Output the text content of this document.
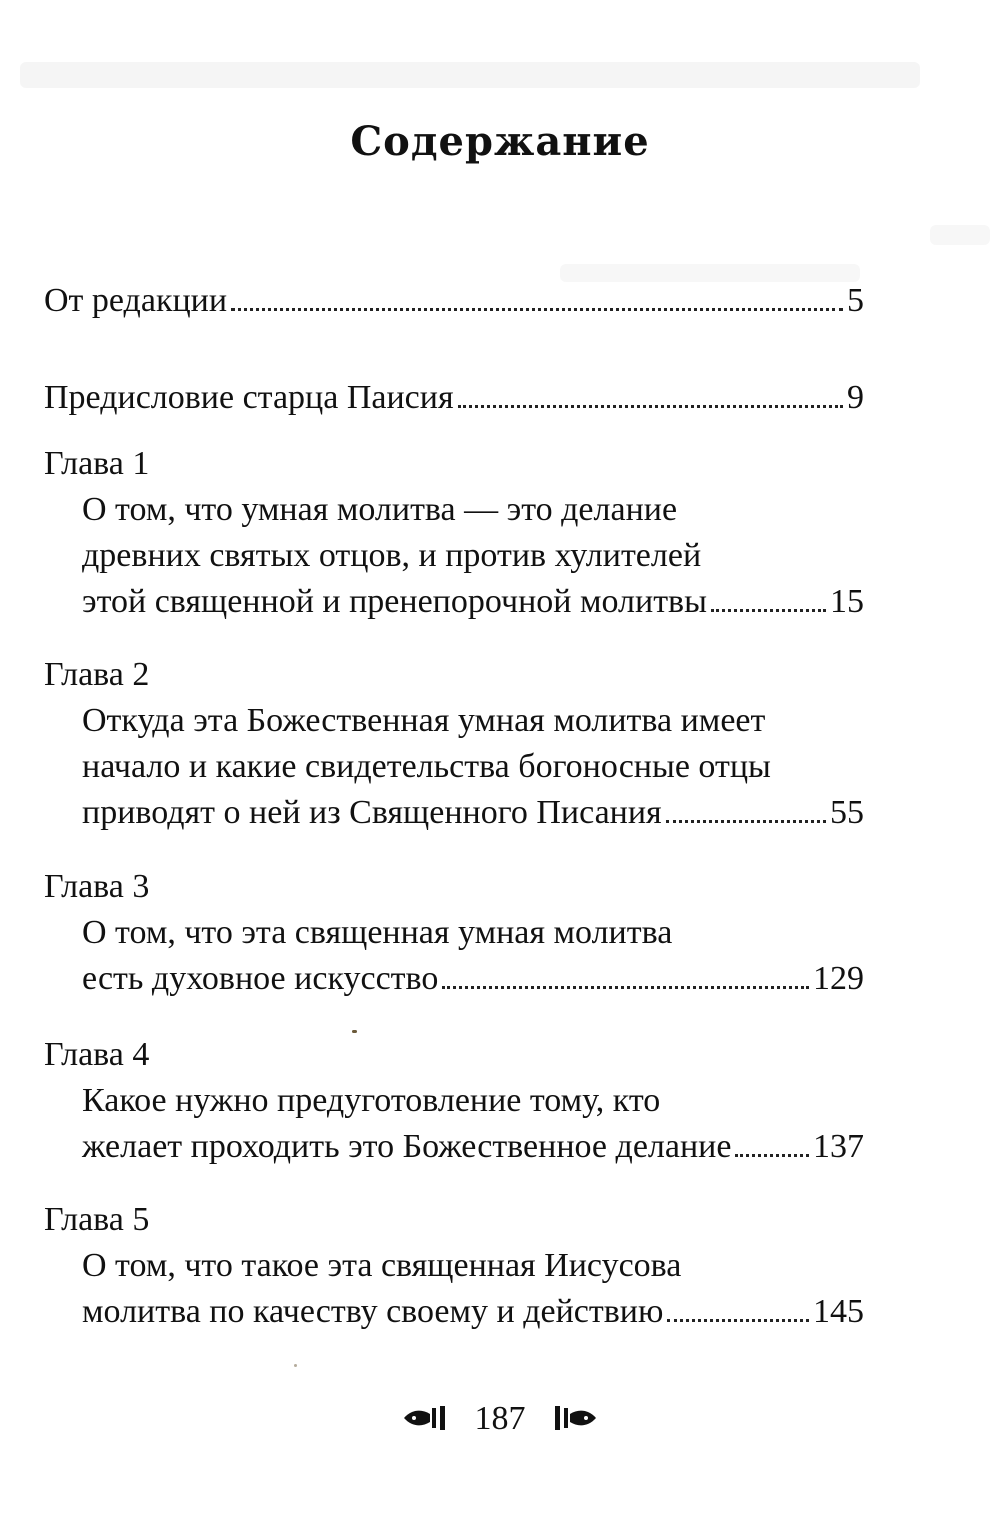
Содержание
От редакции	5
Предисловие старца Паисия	9
Глава 1
О том, что умная молитва — это делание
древних святых отцов, и против хулителей
этой священной и пренепорочной молитвы	15
Глава 2
Откуда эта Божественная умная молитва имеет
начало и какие свидетельства богоносные отцы
приводят о ней из Священного Писания	55
Глава 3
О том, что эта священная умная молитва
есть духовное искусство	129
Глава 4
Какое нужно предуготовление тому, кто
желает проходить это Божественное делание 137
Глава 5
О том, что такое эта священная Иисусова
молитва по качеству своему и действию	145
187
